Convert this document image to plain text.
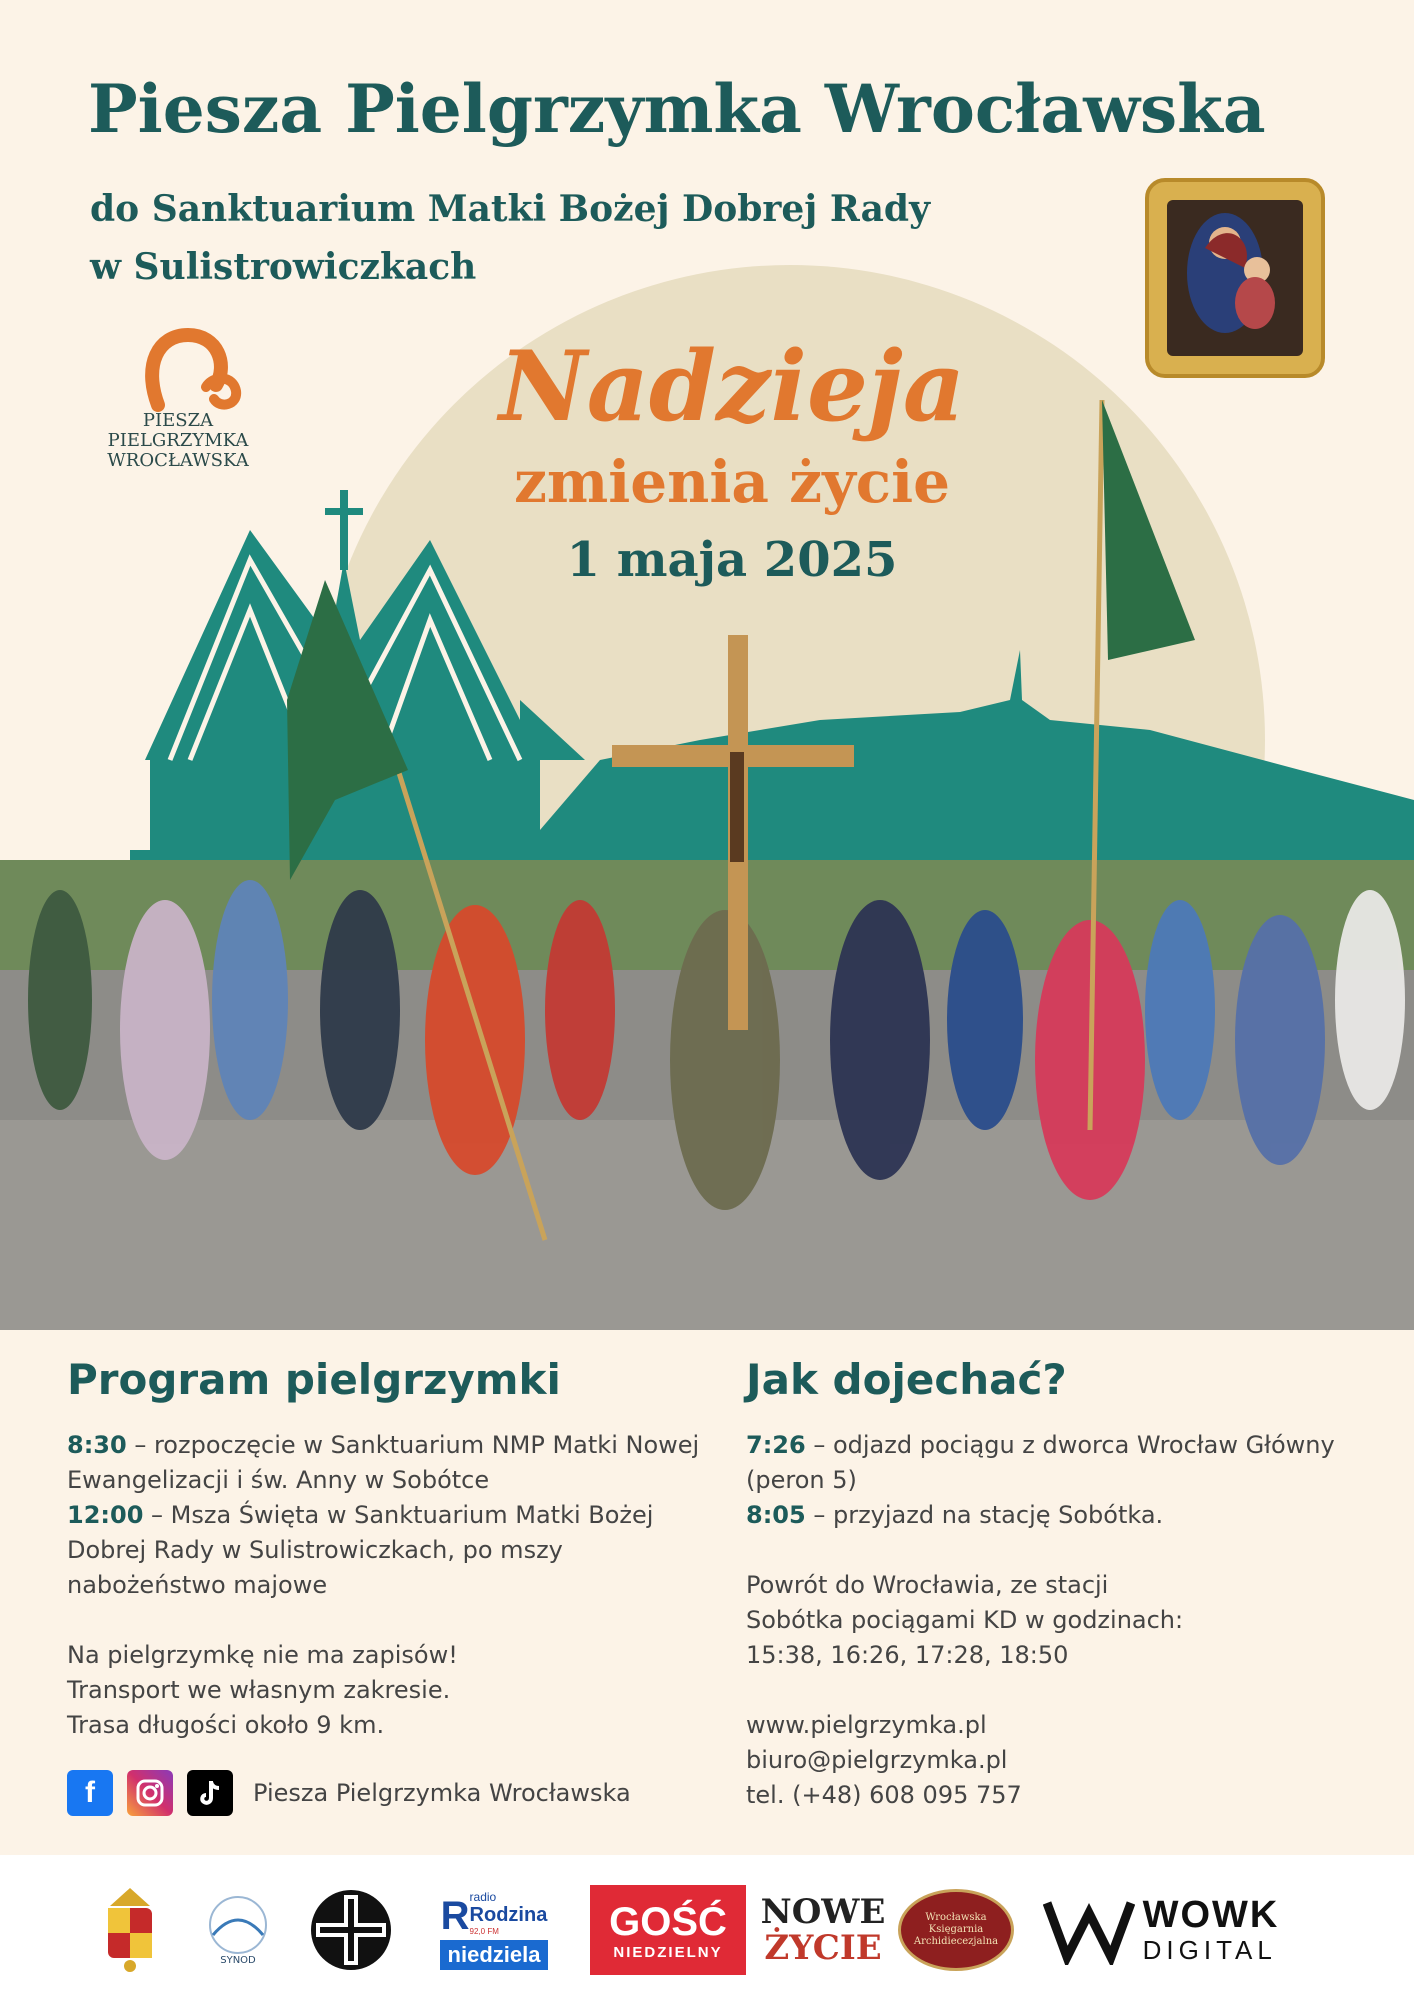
Piesza Pielgrzymka Wrocławska
do Sanktuarium Matki Bożej Dobrej Rady
w Sulistrowiczkach
PIESZA
PIELGRZYMKA
WROCŁAWSKA
Nadzieja
zmienia życie
1 maja 2025
Program pielgrzymki

8:30 – rozpoczęcie w Sanktuarium NMP Matki Nowej Ewangelizacji i św. Anny w Sobótce

12:00 – Msza Święta w Sanktuarium Matki Bożej Dobrej Rady w Sulistrowiczkach, po mszy nabożeństwo majowe

Na pielgrzymkę nie ma zapisów!

Transport we własnym zakresie.

Trasa długości około 9 km.

Jak dojechać?

7:26 – odjazd pociągu z dworca Wrocław Główny (peron 5)

8:05 – przyjazd na stację Sobótka.

Powrót do Wrocławia, ze stacji

Sobótka pociągami KD w godzinach:

15:38, 16:26, 17:28, 18:50

www.pielgrzymka.pl

biuro@pielgrzymka.pl

tel. (+48) 608 095 757

f	Piesza Pielgrzymka Wrocławska
SYNOD
R radio
Rodzina
92,0 FM
niedziela
GOŚĆ
NIEDZIELNY
NOWE
ŻYCIE
Wrocławska Księgarnia Archidiecezjalna
WOWK
DIGITAL
